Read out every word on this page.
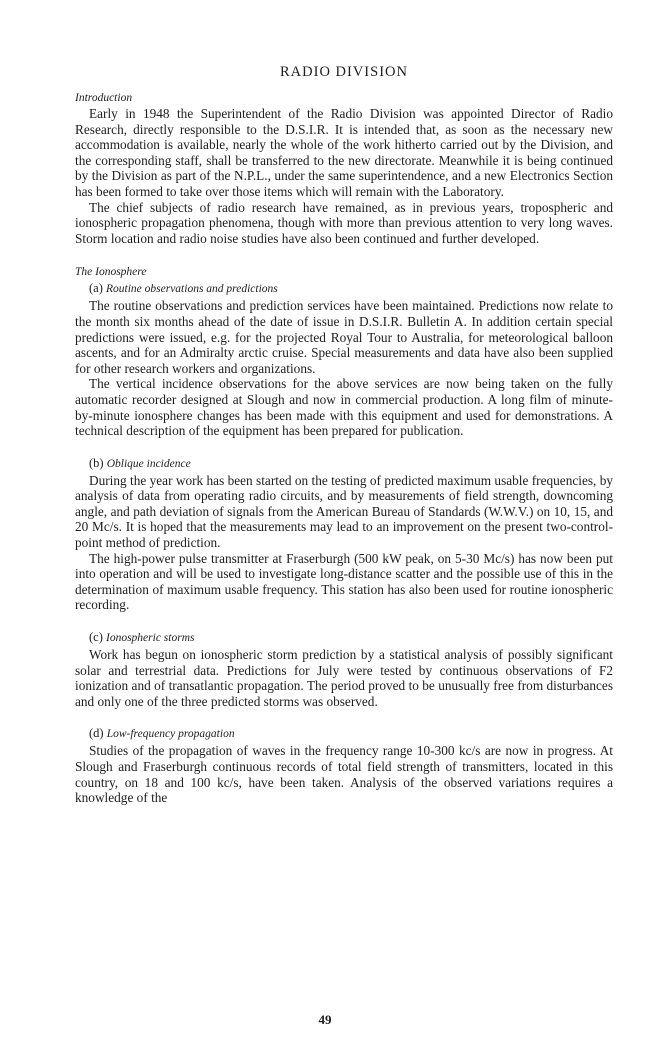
RADIO DIVISION
Introduction

Early in 1948 the Superintendent of the Radio Division was appointed Director of Radio Research, directly responsible to the D.S.I.R. It is intended that, as soon as the necessary new accommodation is available, nearly the whole of the work hitherto carried out by the Division, and the corresponding staff, shall be transferred to the new directorate. Meanwhile it is being continued by the Division as part of the N.P.L., under the same superintendence, and a new Electronics Section has been formed to take over those items which will remain with the Laboratory.

The chief subjects of radio research have remained, as in previous years, tropospheric and ionospheric propagation phenomena, though with more than previous attention to very long waves. Storm location and radio noise studies have also been continued and further developed.

The Ionosphere
(a) Routine observations and predictions

The routine observations and prediction services have been maintained. Predictions now relate to the month six months ahead of the date of issue in D.S.I.R. Bulletin A. In addition certain special predictions were issued, e.g. for the projected Royal Tour to Australia, for meteorological balloon ascents, and for an Admiralty arctic cruise. Special measurements and data have also been supplied for other research workers and organizations.

The vertical incidence observations for the above services are now being taken on the fully automatic recorder designed at Slough and now in commercial production. A long film of minute-by-minute ionosphere changes has been made with this equipment and used for demonstrations. A technical description of the equipment has been prepared for publication.

(b) Oblique incidence

During the year work has been started on the testing of predicted maximum usable frequencies, by analysis of data from operating radio circuits, and by measurements of field strength, downcoming angle, and path deviation of signals from the American Bureau of Standards (W.W.V.) on 10, 15, and 20 Mc/s. It is hoped that the measurements may lead to an improvement on the present two-control-point method of prediction.

The high-power pulse transmitter at Fraserburgh (500 kW peak, on 5-30 Mc/s) has now been put into operation and will be used to investigate long-distance scatter and the possible use of this in the determination of maximum usable frequency. This station has also been used for routine ionospheric recording.

(c) Ionospheric storms

Work has begun on ionospheric storm prediction by a statistical analysis of possibly significant solar and terrestrial data. Predictions for July were tested by continuous observations of F2 ionization and of transatlantic propagation. The period proved to be unusually free from disturbances and only one of the three predicted storms was observed.

(d) Low-frequency propagation

Studies of the propagation of waves in the frequency range 10-300 kc/s are now in progress. At Slough and Fraserburgh continuous records of total field strength of transmitters, located in this country, on 18 and 100 kc/s, have been taken. Analysis of the observed variations requires a knowledge of the

49
